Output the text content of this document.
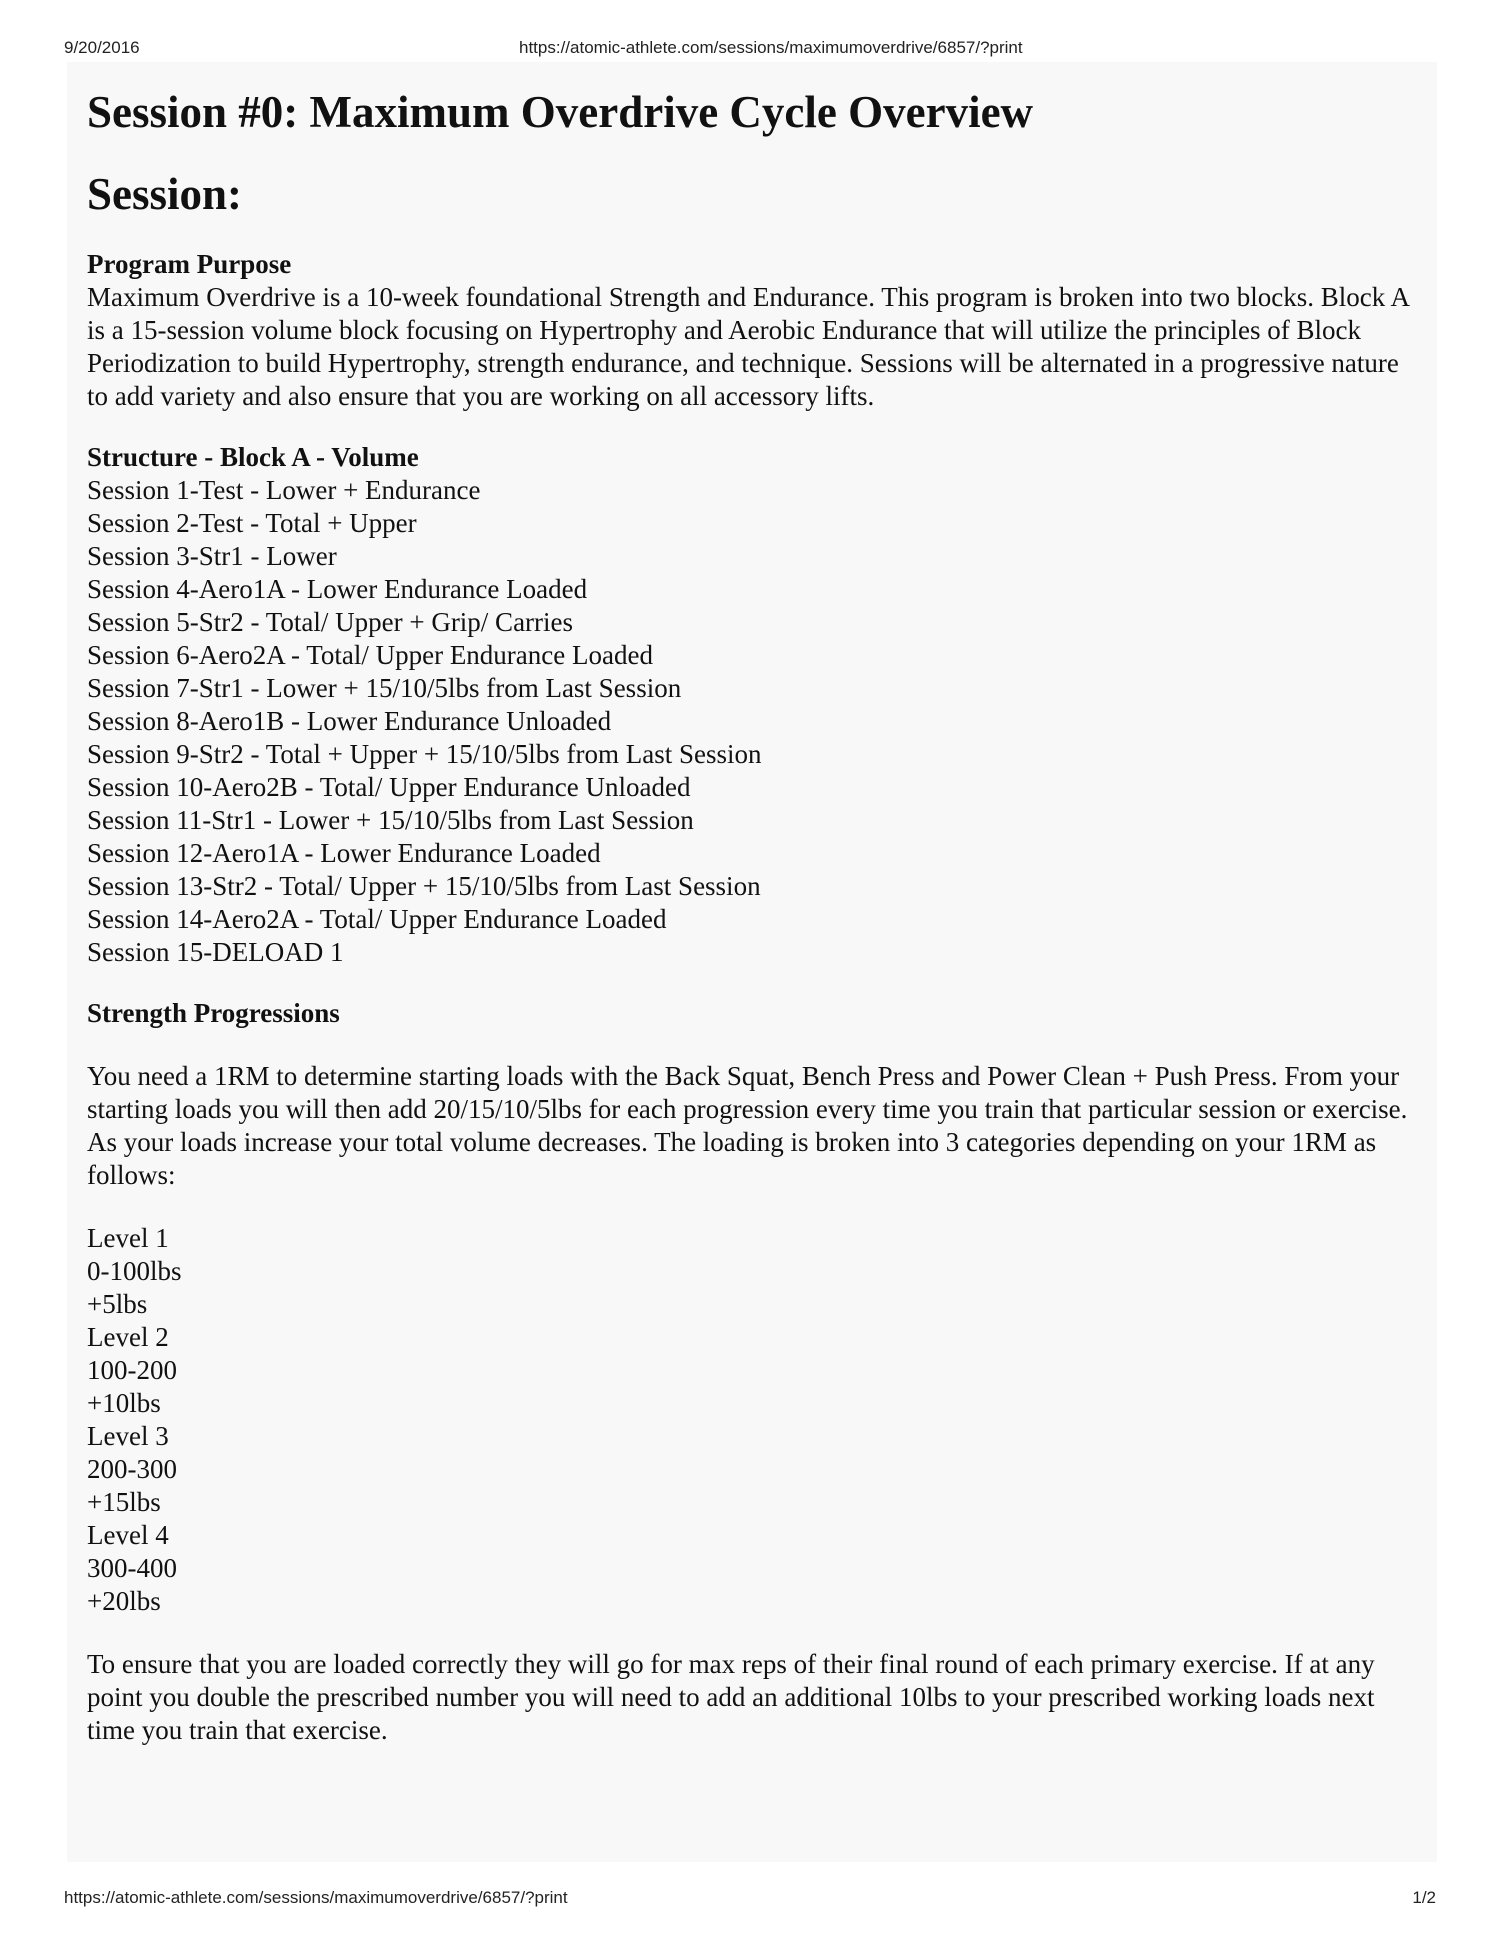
9/20/2016	https://atomic-athlete.com/sessions/maximumoverdrive/6857/?print
Session #0: Maximum Overdrive Cycle Overview
Session:
Program Purpose
Maximum Overdrive is a 10-week foundational Strength and Endurance. This program is broken into two blocks. Block A is a 15-session volume block focusing on Hypertrophy and Aerobic Endurance that will utilize the principles of Block Periodization to build Hypertrophy, strength endurance, and technique. Sessions will be alternated in a progressive nature to add variety and also ensure that you are working on all accessory lifts.
Structure - Block A - Volume
Session 1-Test - Lower + Endurance
Session 2-Test - Total + Upper
Session 3-Str1 - Lower
Session 4-Aero1A - Lower Endurance Loaded
Session 5-Str2 - Total/ Upper + Grip/ Carries
Session 6-Aero2A - Total/ Upper Endurance Loaded
Session 7-Str1 - Lower + 15/10/5lbs from Last Session
Session 8-Aero1B - Lower Endurance Unloaded
Session 9-Str2 - Total + Upper + 15/10/5lbs from Last Session
Session 10-Aero2B - Total/ Upper Endurance Unloaded
Session 11-Str1 - Lower + 15/10/5lbs from Last Session
Session 12-Aero1A - Lower Endurance Loaded
Session 13-Str2 - Total/ Upper + 15/10/5lbs from Last Session
Session 14-Aero2A - Total/ Upper Endurance Loaded
Session 15-DELOAD 1
Strength Progressions
You need a 1RM to determine starting loads with the Back Squat, Bench Press and Power Clean + Push Press. From your starting loads you will then add 20/15/10/5lbs for each progression every time you train that particular session or exercise. As your loads increase your total volume decreases. The loading is broken into 3 categories depending on your 1RM as follows:
Level 1
0-100lbs
+5lbs
Level 2
100-200
+10lbs
Level 3
200-300
+15lbs
Level 4
300-400
+20lbs
To ensure that you are loaded correctly they will go for max reps of their final round of each primary exercise. If at any point you double the prescribed number you will need to add an additional 10lbs to your prescribed working loads next time you train that exercise.
https://atomic-athlete.com/sessions/maximumoverdrive/6857/?print	1/2
